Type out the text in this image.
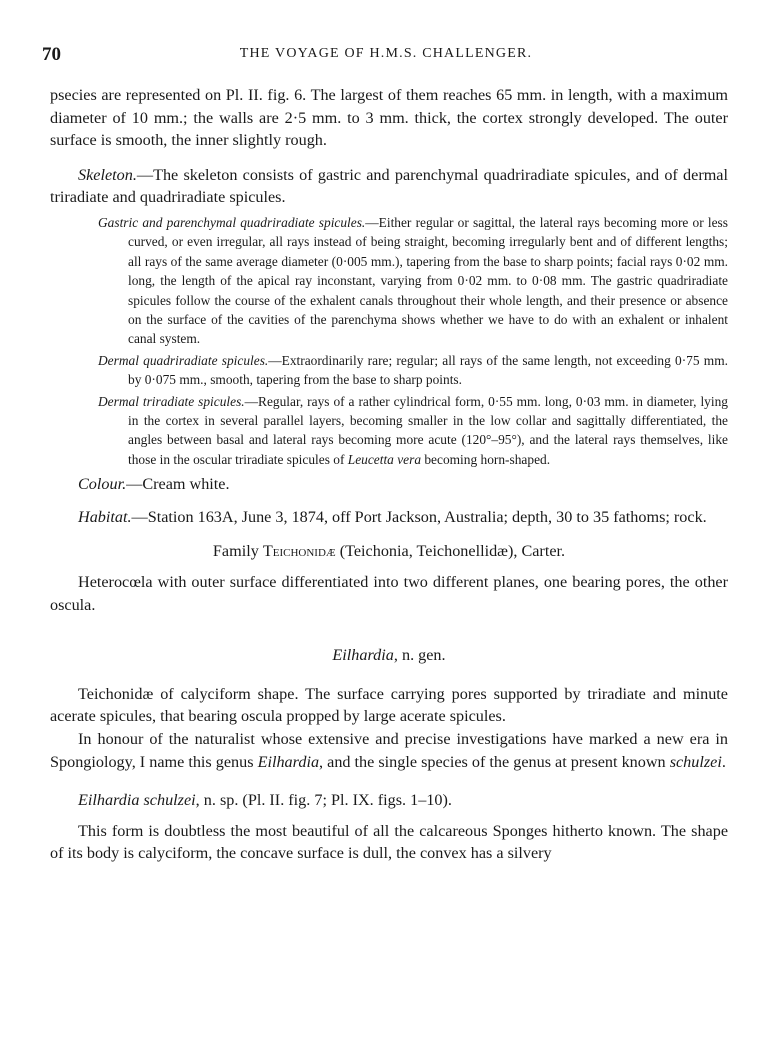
70	THE VOYAGE OF H.M.S. CHALLENGER.

psecies are represented on Pl. II. fig. 6. The largest of them reaches 65 mm. in length, with a maximum diameter of 10 mm.; the walls are 2·5 mm. to 3 mm. thick, the cortex strongly developed. The outer surface is smooth, the inner slightly rough.

Skeleton.—The skeleton consists of gastric and parenchymal quadriradiate spicules, and of dermal triradiate and quadriradiate spicules.

Gastric and parenchymal quadriradiate spicules.—Either regular or sagittal, the lateral rays becoming more or less curved, or even irregular, all rays instead of being straight, becoming irregularly bent and of different lengths; all rays of the same average diameter (0·005 mm.), tapering from the base to sharp points; facial rays 0·02 mm. long, the length of the apical ray inconstant, varying from 0·02 mm. to 0·08 mm. The gastric quadriradiate spicules follow the course of the exhalent canals throughout their whole length, and their presence or absence on the surface of the cavities of the parenchyma shows whether we have to do with an exhalent or inhalent canal system.

Dermal quadriradiate spicules.—Extraordinarily rare; regular; all rays of the same length, not exceeding 0·75 mm. by 0·075 mm., smooth, tapering from the base to sharp points.

Dermal triradiate spicules.—Regular, rays of a rather cylindrical form, 0·55 mm. long, 0·03 mm. in diameter, lying in the cortex in several parallel layers, becoming smaller in the low collar and sagittally differentiated, the angles between basal and lateral rays becoming more acute (120°–95°), and the lateral rays themselves, like those in the oscular triradiate spicules of Leucetta vera becoming horn-shaped.

Colour.—Cream white.

Habitat.—Station 163A, June 3, 1874, off Port Jackson, Australia; depth, 30 to 35 fathoms; rock.

Family Teichonidæ (Teichonia, Teichonellidæ), Carter.

Heterocœla with outer surface differentiated into two different planes, one bearing pores, the other oscula.

Eilhardia, n. gen.

Teichonidæ of calyciform shape. The surface carrying pores supported by triradiate and minute acerate spicules, that bearing oscula propped by large acerate spicules.

In honour of the naturalist whose extensive and precise investigations have marked a new era in Spongiology, I name this genus Eilhardia, and the single species of the genus at present known schulzei.

Eilhardia schulzei, n. sp. (Pl. II. fig. 7; Pl. IX. figs. 1–10).

This form is doubtless the most beautiful of all the calcareous Sponges hitherto known. The shape of its body is calyciform, the concave surface is dull, the convex has a silvery
